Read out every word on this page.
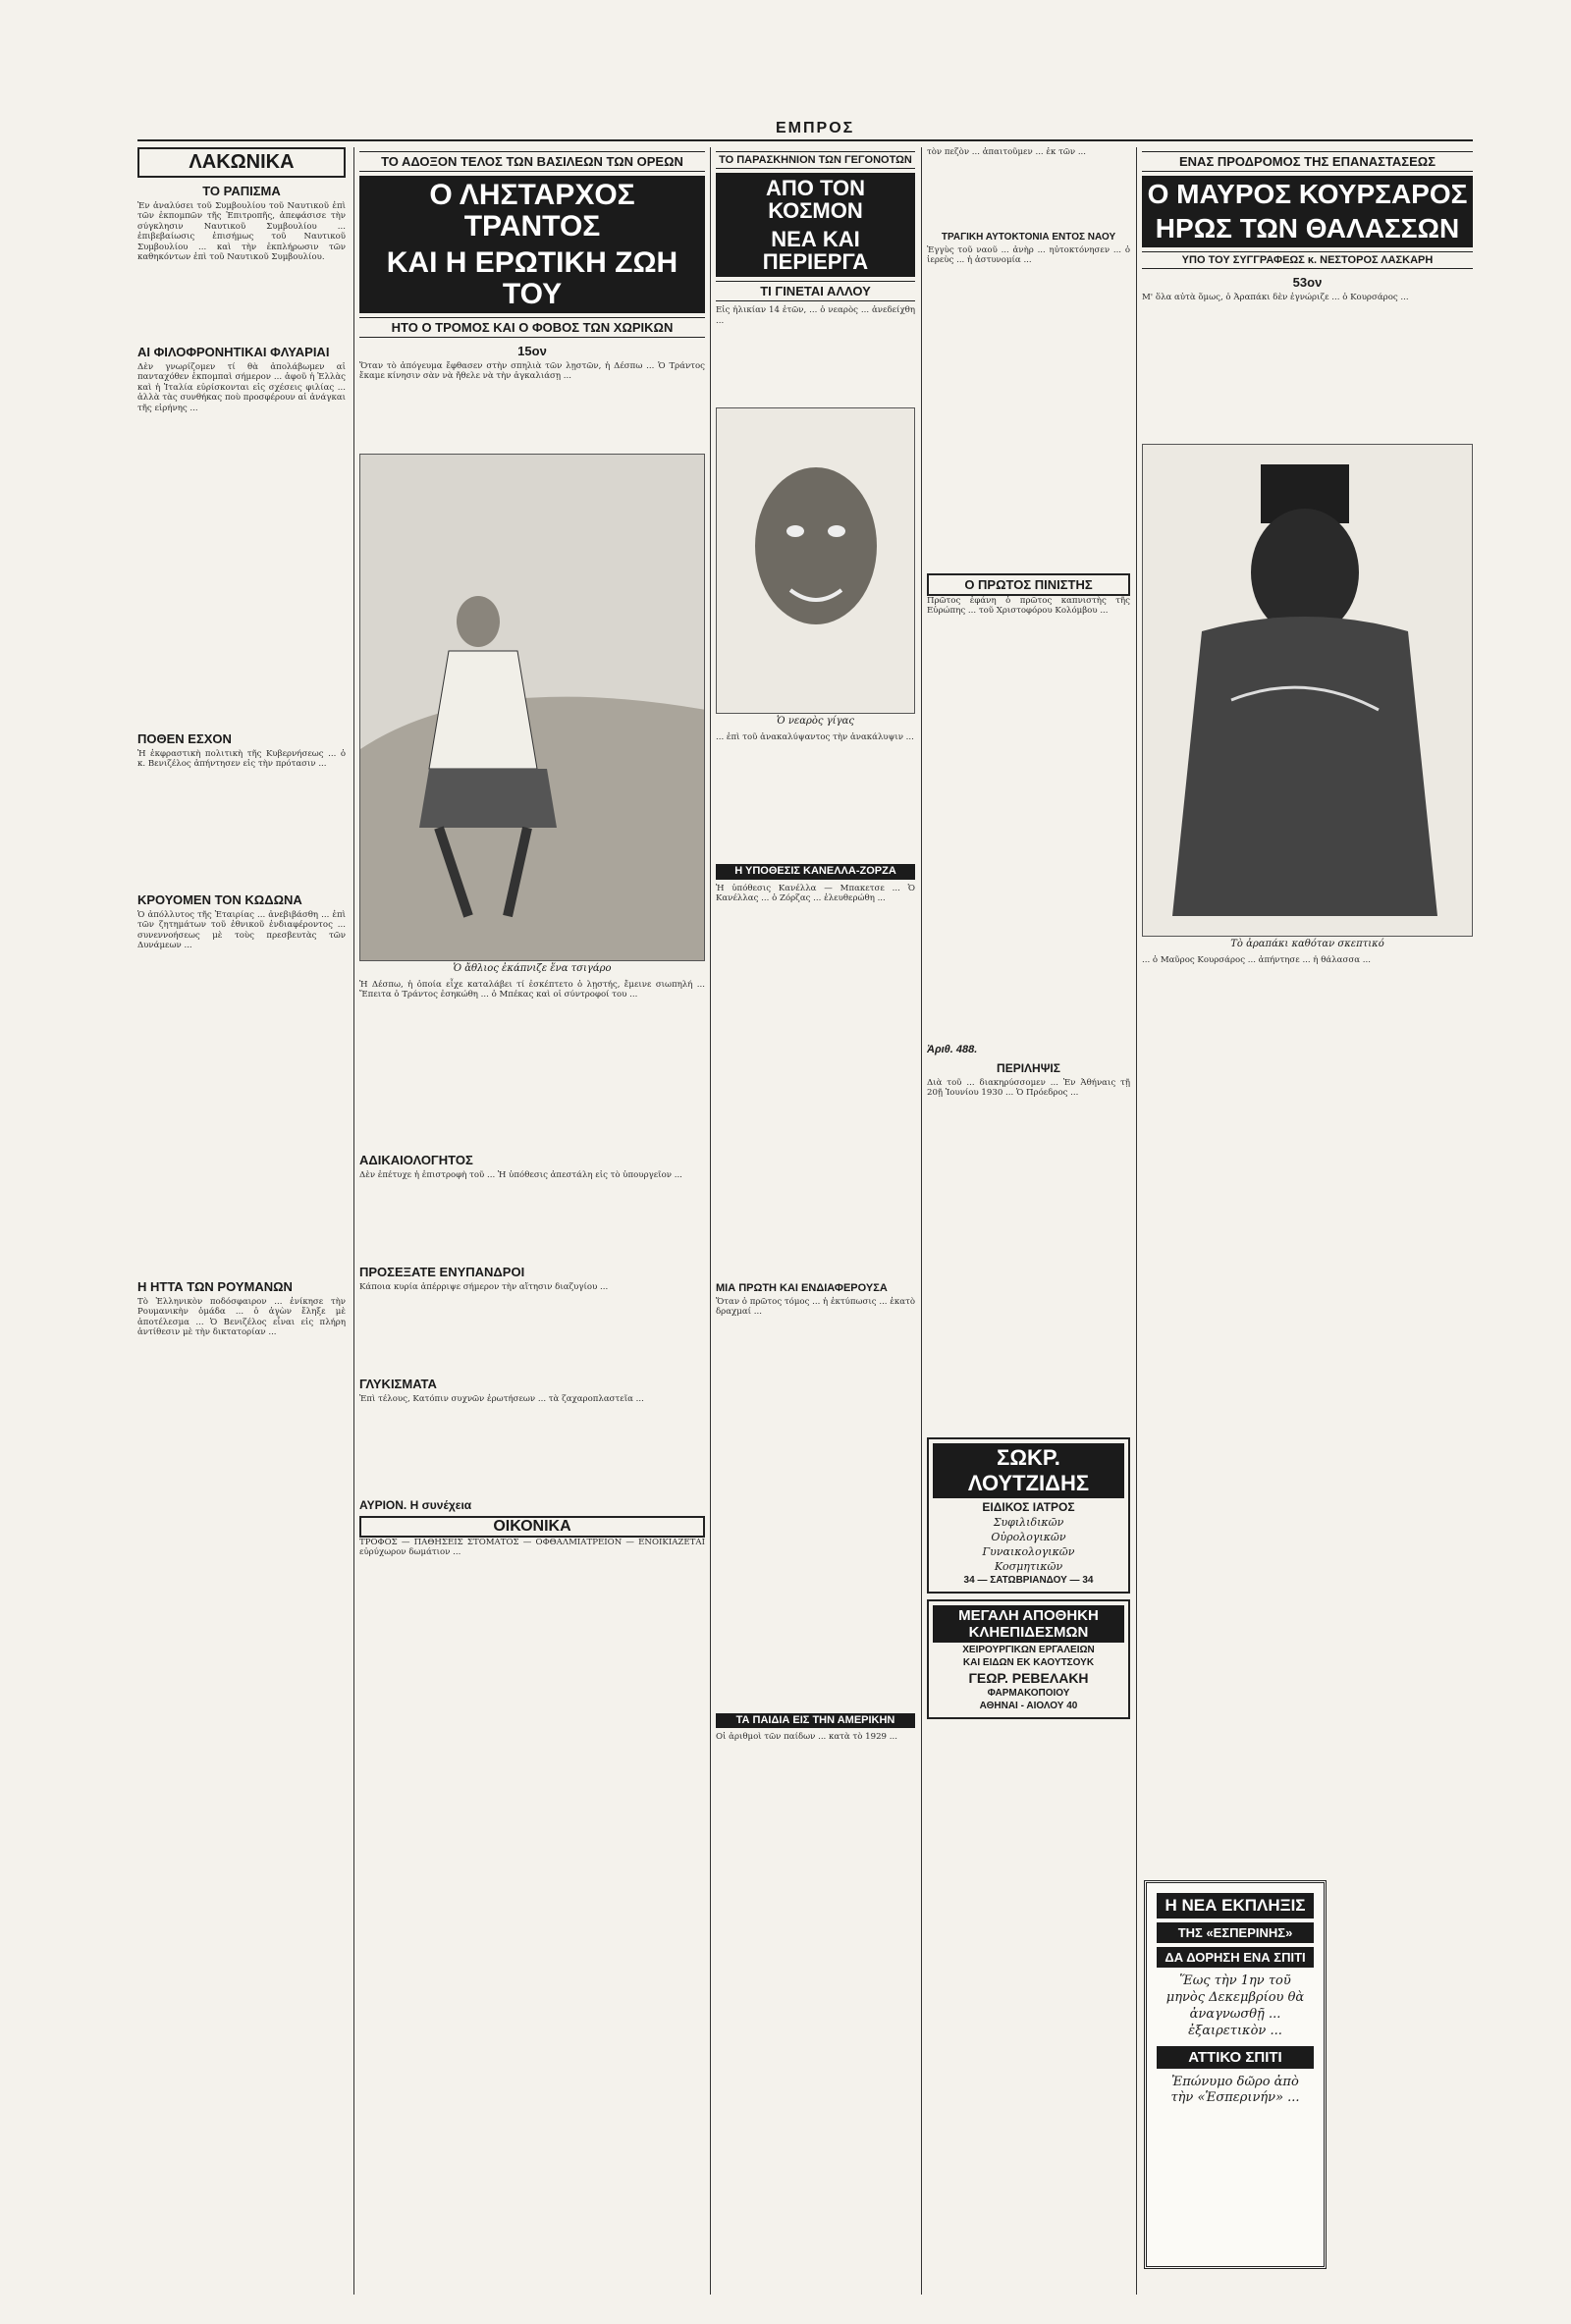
ΕΜΠΡΟΣ
ΛΑΚΩΝΙΚΑ
ΤΟ ΡΑΠΙΣΜΑ

Ἐν ἀναλύσει τοῦ Συμβουλίου τοῦ Ναυτικοῦ ἐπὶ τῶν ἐκπομπῶν τῆς Ἐπιτροπῆς, ἀπεφάσισε τὴν σύγκλησιν Ναυτικοῦ Συμβουλίου ... ἐπιβεβαίωσις ἐπισήμως τοῦ Ναυτικοῦ Συμβουλίου ... καὶ τὴν ἐκπλήρωσιν τῶν καθηκόντων ἐπὶ τοῦ Ναυτικοῦ Συμβουλίου.

ΑΙ ΦΙΛΟΦΡΟΝΗΤΙΚΑΙ ΦΛΥΑΡΙΑΙ

Δὲν γνωρίζομεν τί θὰ ἀπολάβωμεν αἱ πανταχόθεν ἐκπομπαὶ σήμερον ... ἀφοῦ ἡ Ἑλλὰς καὶ ἡ Ἰταλία εὑρίσκονται εἰς σχέσεις φιλίας ... ἀλλὰ τὰς συνθήκας ποὺ προσφέρουν αἱ ἀνάγκαι τῆς εἰρήνης ...

ΠΟΘΕΝ ΕΣΧΟΝ

Ἡ ἐκφραστικὴ πολιτικὴ τῆς Κυβερνήσεως ... ὁ κ. Βενιζέλος ἀπήντησεν εἰς τὴν πρότασιν ...

ΚΡΟΥΟΜΕΝ ΤΟΝ ΚΩΔΩΝΑ

Ὁ ἀπόλλυτος τῆς Ἑταιρίας ... ἀνεβιβάσθη ... ἐπὶ τῶν ζητημάτων τοῦ ἐθνικοῦ ἐνδιαφέροντος ... συνεννοήσεως μὲ τοὺς πρεσβευτὰς τῶν Δυνάμεων ...

Η ΗΤΤΑ ΤΩΝ ΡΟΥΜΑΝΩΝ

Τὸ Ἑλληνικὸν ποδόσφαιρον ... ἐνίκησε τὴν Ρουμανικὴν ὁμάδα ... ὁ ἀγὼν ἔληξε μὲ ἀποτέλεσμα ... Ὁ Βενιζέλος εἶναι εἰς πλήρη ἀντίθεσιν μὲ τὴν δικτατορίαν ...

ΤΟ ΑΔΟΞΟΝ ΤΕΛΟΣ ΤΩΝ ΒΑΣΙΛΕΩΝ ΤΩΝ ΟΡΕΩΝ
Ο ΛΗΣΤΑΡΧΟΣ ΤΡΑΝΤΟΣ
ΚΑΙ Η ΕΡΩΤΙΚΗ ΖΩΗ ΤΟΥ
ΗΤΟ Ο ΤΡΟΜΟΣ ΚΑΙ Ο ΦΟΒΟΣ ΤΩΝ ΧΩΡΙΚΩΝ
15ον

Ὅταν τὸ ἀπόγευμα ἔφθασεν στὴν σπηλιὰ τῶν λῃστῶν, ἡ Δέσπω ... Ὁ Τράντος ἔκαμε κίνησιν σὰν νὰ ἤθελε νὰ τὴν ἀγκαλιάσῃ ...

Ὁ ἄθλιος ἐκάπνιζε ἕνα τσιγάρο

Ἡ Δέσπω, ἡ ὁποία εἶχε καταλάβει τί ἐσκέπτετο ὁ λῃστής, ἔμεινε σιωπηλή ... Ἔπειτα ὁ Τράντος ἐσηκώθη ... ὁ Μπέκας καὶ οἱ σύντροφοί του ...

ΑΔΙΚΑΙΟΛΟΓΗΤΟΣ

Δὲν ἐπέτυχε ἡ ἐπιστροφὴ τοῦ ... Ἡ ὑπόθεσις ἀπεστάλη εἰς τὸ ὑπουργεῖον ...

ΠΡΟΣΕΞΑΤΕ ΕΝΥΠΑΝΔΡΟΙ

Κάποια κυρία ἀπέρριψε σήμερον τὴν αἴτησιν διαζυγίου ...

ΓΛΥΚΙΣΜΑΤΑ

Ἐπὶ τέλους, Κατόπιν συχνῶν ἐρωτήσεων ... τὰ ζαχαροπλαστεῖα ...

ΑΥΡΙΟΝ. Η συνέχεια
ΟΙΚΟΝΙΚΑ

ΤΡΟΦΟΣ — ΠΑΘΗΣΕΙΣ ΣΤΟΜΑΤΟΣ — ΟΦΘΑΛΜΙΑΤΡΕΙΟΝ — ΕΝΟΙΚΙΑΖΕΤΑΙ εὐρύχωρον δωμάτιον ...

ΤΟ ΠΑΡΑΣΚΗΝΙΟΝ ΤΩΝ ΓΕΓΟΝΟΤΩΝ
ΑΠΟ ΤΟΝ ΚΟΣΜΟΝ
ΝΕΑ ΚΑΙ ΠΕΡΙΕΡΓΑ
ΤΙ ΓΙΝΕΤΑΙ ΑΛΛΟΥ

Εἰς ἡλικίαν 14 ἐτῶν, ... ὁ νεαρὸς ... ἀνεδείχθη ...

Ὁ νεαρὸς γίγας

... ἐπὶ τοῦ ἀνακαλύψαντος τὴν ἀνακάλυψιν ...

Η ΥΠΟΘΕΣΙΣ ΚΑΝΕΛΛΑ-ΖΟΡΖΑ

Ἡ ὑπόθεσις Κανέλλα — Μπακετσε ... Ὁ Κανέλλας ... ὁ Ζόρζας ... ἐλευθερώθη ...

ΜΙΑ ΠΡΩΤΗ ΚΑΙ ΕΝΔΙΑΦΕΡΟΥΣΑ

Ὅταν ὁ πρῶτος τόμος ... ἡ ἐκτύπωσις ... ἑκατὸ δραχμαί ...

ΤΑ ΠΑΙΔΙΑ ΕΙΣ ΤΗΝ ΑΜΕΡΙΚΗΝ

Οἱ ἀριθμοὶ τῶν παίδων ... κατὰ τὸ 1929 ...

τὸν πεζὸν ... ἀπαιτοῦμεν ... ἐκ τῶν ...

ΤΡΑΓΙΚΗ ΑΥΤΟΚΤΟΝΙΑ ΕΝΤΟΣ ΝΑΟΥ

Ἐγγὺς τοῦ ναοῦ ... ἀνὴρ ... ηὐτοκτόνησεν ... ὁ ἱερεὺς ... ἡ ἀστυνομία ...

Ο ΠΡΩΤΟΣ ΠΙΝΙΣΤΗΣ

Πρῶτος ἐφάνη ὁ πρῶτος καπνιστὴς τῆς Εὐρώπης ... τοῦ Χριστοφόρου Κολόμβου ...

Ἀριθ. 488.
ΠΕΡΙΛΗΨΙΣ

Διὰ τοῦ ... διακηρύσσομεν ... Ἐν Ἀθήναις τῇ 20ῇ Ἰουνίου 1930 ... Ὁ Πρόεδρος ...

ΣΩΚΡ. ΛΟΥΤΖΙΔΗΣ
ΕΙΔΙΚΟΣ ΙΑΤΡΟΣ
Συφιλιδικῶν
Οὐρολογικῶν
Γυναικολογικῶν
Κοσμητικῶν
34 — ΣΑΤΩΒΡΙΑΝΔΟΥ — 34
ΜΕΓΑΛΗ ΑΠΟΘΗΚΗ ΚΛΗΕΠΙΔΕΣΜΩΝ
ΧΕΙΡΟΥΡΓΙΚΩΝ ΕΡΓΑΛΕΙΩΝ
ΚΑΙ ΕΙΔΩΝ ΕΚ ΚΑΟΥΤΣΟΥΚ
ΓΕΩΡ. ΡΕΒΕΛΑΚΗ
ΦΑΡΜΑΚΟΠΟΙΟΥ
ΑΘΗΝΑΙ - ΑΙΟΛΟΥ 40
ΕΝΑΣ ΠΡΟΔΡΟΜΟΣ ΤΗΣ ΕΠΑΝΑΣΤΑΣΕΩΣ
Ο ΜΑΥΡΟΣ ΚΟΥΡΣΑΡΟΣ
ΗΡΩΣ ΤΩΝ ΘΑΛΑΣΣΩΝ
ΥΠΟ ΤΟΥ ΣΥΓΓΡΑΦΕΩΣ κ. ΝΕΣΤΟΡΟΣ ΛΑΣΚΑΡΗ
53ον

Μ' ὅλα αὐτὰ ὅμως, ὁ Ἀραπάκι δὲν ἐγνώριζε ... ὁ Κουρσάρος ...

Τὸ ἀραπάκι καθόταν σκεπτικό

... ὁ Μαῦρος Κουρσάρος ... ἀπήντησε ... ἡ θάλασσα ...

Η ΝΕΑ ΕΚΠΛΗΞΙΣ
ΤΗΣ «ΕΣΠΕΡΙΝΗΣ»
ΔΑ ΔΟΡΗΣΗ ΕΝΑ ΣΠΙΤΙ
Ἕως τὴν 1ην τοῦ μηνὸς Δεκεμβρίου θὰ ἀναγνωσθῇ ... ἐξαιρετικὸν ...
ΑΤΤΙΚΟ ΣΠΙΤΙ
Ἐπώνυμο δῶρο ἀπὸ τὴν «Ἑσπερινήν» ...
